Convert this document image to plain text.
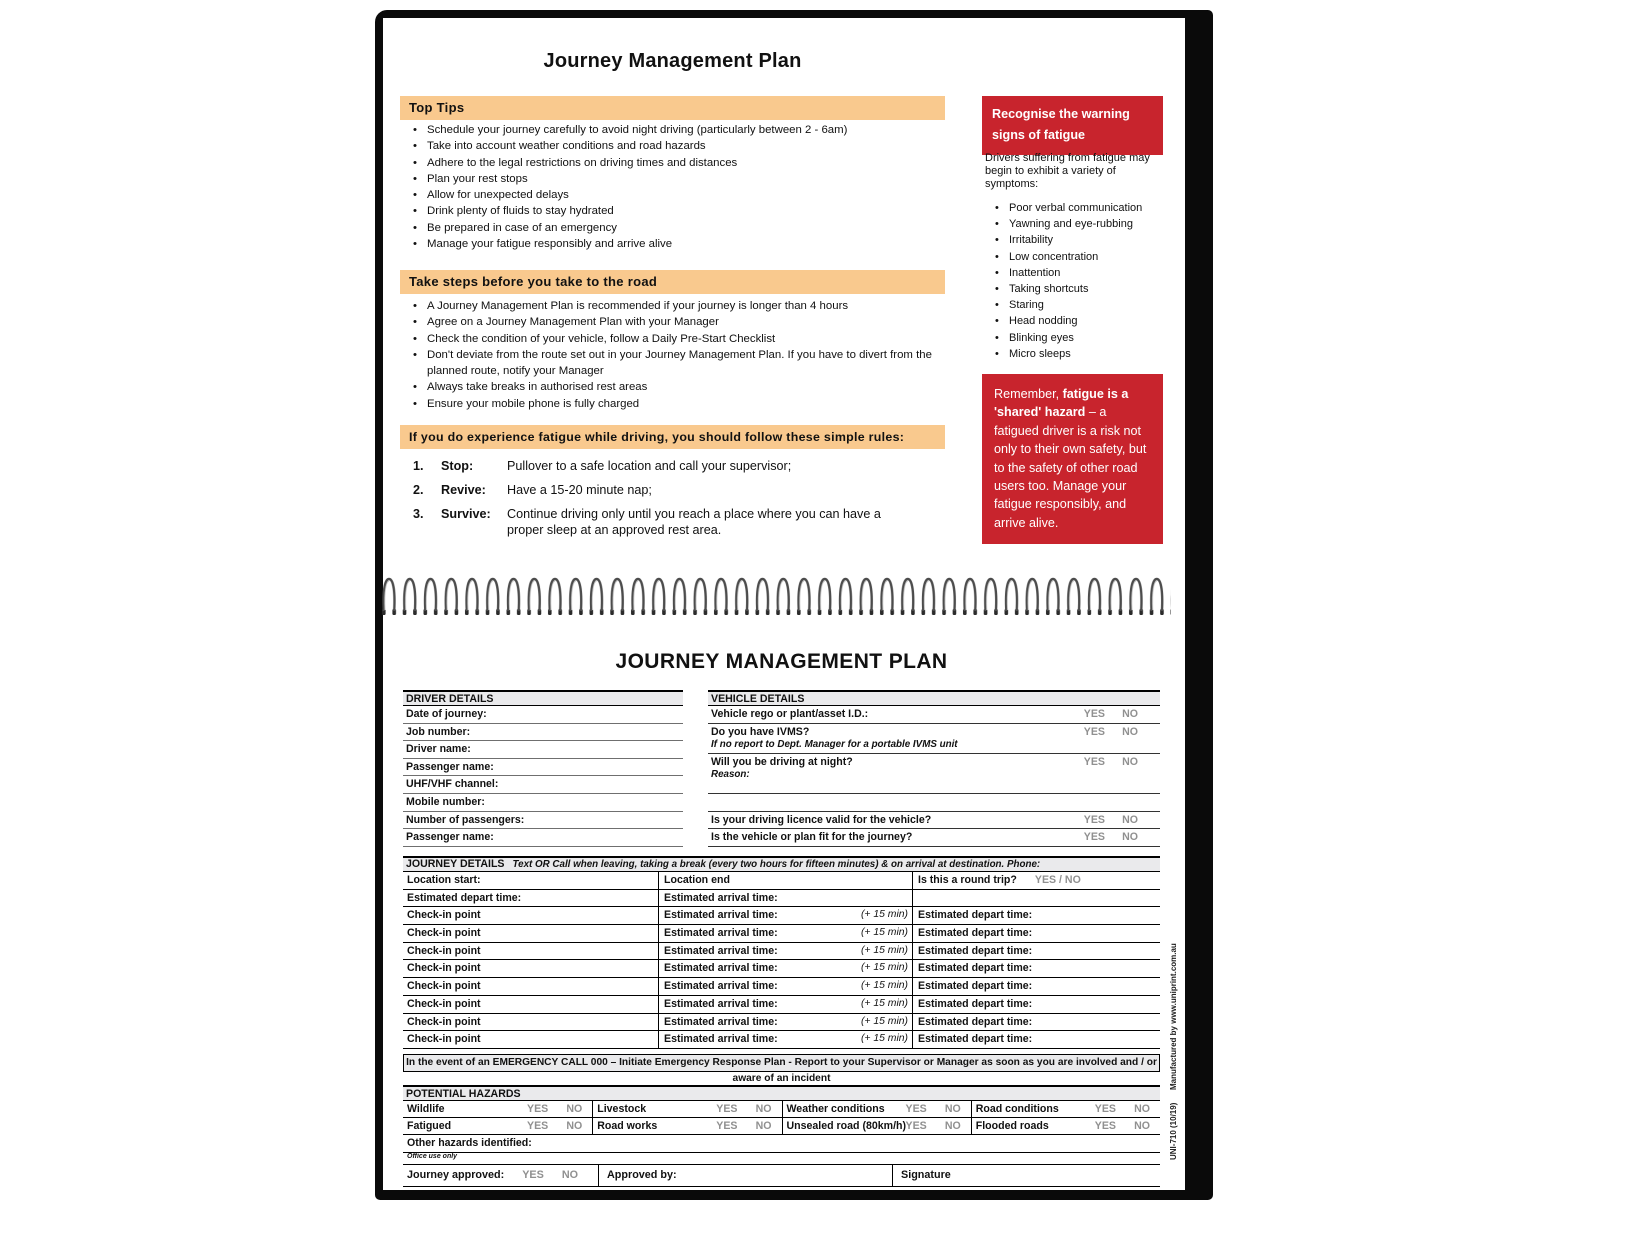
Journey Management Plan
Top Tips
• Schedule your journey carefully to avoid night driving (particularly between 2 - 6am)
• Take into account weather conditions and road hazards
• Adhere to the legal restrictions on driving times and distances
• Plan your rest stops
• Allow for unexpected delays
• Drink plenty of fluids to stay hydrated
• Be prepared in case of an emergency
• Manage your fatigue responsibly and arrive alive
Take steps before you take to the road
• A Journey Management Plan is recommended if your journey is longer than 4 hours
• Agree on a Journey Management Plan with your Manager
• Check the condition of your vehicle, follow a Daily Pre-Start Checklist
• Don't deviate from the route set out in your Journey Management Plan. If you have to divert from the planned route, notify your Manager
• Always take breaks in authorised rest areas
• Ensure your mobile phone is fully charged
If you do experience fatigue while driving, you should follow these simple rules:
1.	Stop:	Pullover to a safe location and call your supervisor;
2.	Revive:	Have a 15-20 minute nap;
3.	Survive:	Continue driving only until you reach a place where you can have a proper sleep at an approved rest area.
Recognise the warning signs of fatigue
Drivers suffering from fatigue may begin to exhibit a variety of symptoms:
• Poor verbal communication
• Yawning and eye-rubbing
• Irritability
• Low concentration
• Inattention
• Taking shortcuts
• Staring
• Head nodding
• Blinking eyes
• Micro sleeps
Remember, fatigue is a 'shared' hazard – a fatigued driver is a risk not only to their own safety, but to the safety of other road users too. Manage your fatigue responsibly, and arrive alive.
JOURNEY MANAGEMENT PLAN
DRIVER DETAILS
Date of journey:
Job number:
Driver name:
Passenger name:
UHF/VHF channel:
Mobile number:
Number of passengers:
Passenger name:
VEHICLE DETAILS
Vehicle rego or plant/asset I.D.:	YES NO
Do you have IVMS?
If no report to Dept. Manager for a portable IVMS unit
YES NO
Will you be driving at night?
Reason:
YES NO
Is your driving licence valid for the vehicle?	YES NO
Is the vehicle or plan fit for the journey?	YES NO
JOURNEY DETAILS Text OR Call when leaving, taking a break (every two hours for fifteen minutes) & on arrival at destination. Phone:
Location start:	Location end	Is this a round trip? YES / NO
Estimated depart time:	Estimated arrival time:
Check-in point	Estimated arrival time:	(+ 15 min) Estimated depart time:
Check-in point	Estimated arrival time:	(+ 15 min) Estimated depart time:
Check-in point	Estimated arrival time:	(+ 15 min) Estimated depart time:
Check-in point	Estimated arrival time:	(+ 15 min) Estimated depart time:
Check-in point	Estimated arrival time:	(+ 15 min) Estimated depart time:
Check-in point	Estimated arrival time:	(+ 15 min) Estimated depart time:
Check-in point	Estimated arrival time:	(+ 15 min) Estimated depart time:
Check-in point	Estimated arrival time:	(+ 15 min) Estimated depart time:
In the event of an EMERGENCY CALL 000 – Initiate Emergency Response Plan - Report to your Supervisor or Manager as soon as you are involved and / or aware of an incident
POTENTIAL HAZARDS
Wildlife	YES NO	Livestock	YES NO	Weather conditions YES NO	Road conditions	YES NO
Fatigued	YES NO	Road works	YES NO	Unsealed road (80km/h) YES NO	Flooded roads	YES NO
Other hazards identified:
Office use only
Journey approved: YES NO	Approved by:	Signature
Manufactured by www.uniprint.com.au
UNI-710 (10/19)
